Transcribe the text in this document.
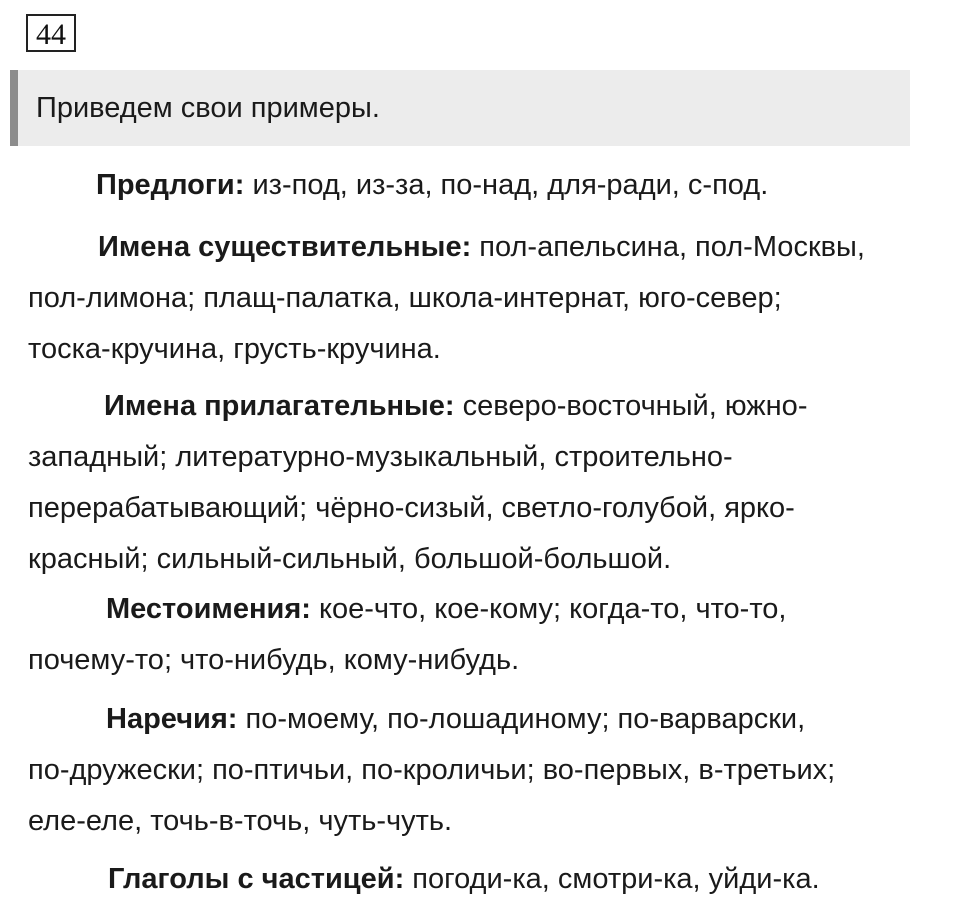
44
Приведем свои примеры.
Предлоги: из-под, из-за, по-над, для-ради, с-под.
Имена существительные: пол-апельсина, пол-Москвы,
пол-лимона; плащ-палатка, школа-интернат, юго-север;
тоска-кручина, грусть-кручина.
Имена прилагательные: северо-восточный, южно-
западный; литературно-музыкальный, строительно-
перерабатывающий; чёрно-сизый, светло-голубой, ярко-
красный; сильный-сильный, большой-большой.
Местоимения: кое-что, кое-кому; когда-то, что-то,
почему-то; что-нибудь, кому-нибудь.
Наречия: по-моему, по-лошадиному; по-варварски,
по-дружески; по-птичьи, по-кроличьи; во-первых, в-третьих;
еле-еле, точь-в-точь, чуть-чуть.
Глаголы с частицей: погоди-ка, смотри-ка, уйди-ка.
